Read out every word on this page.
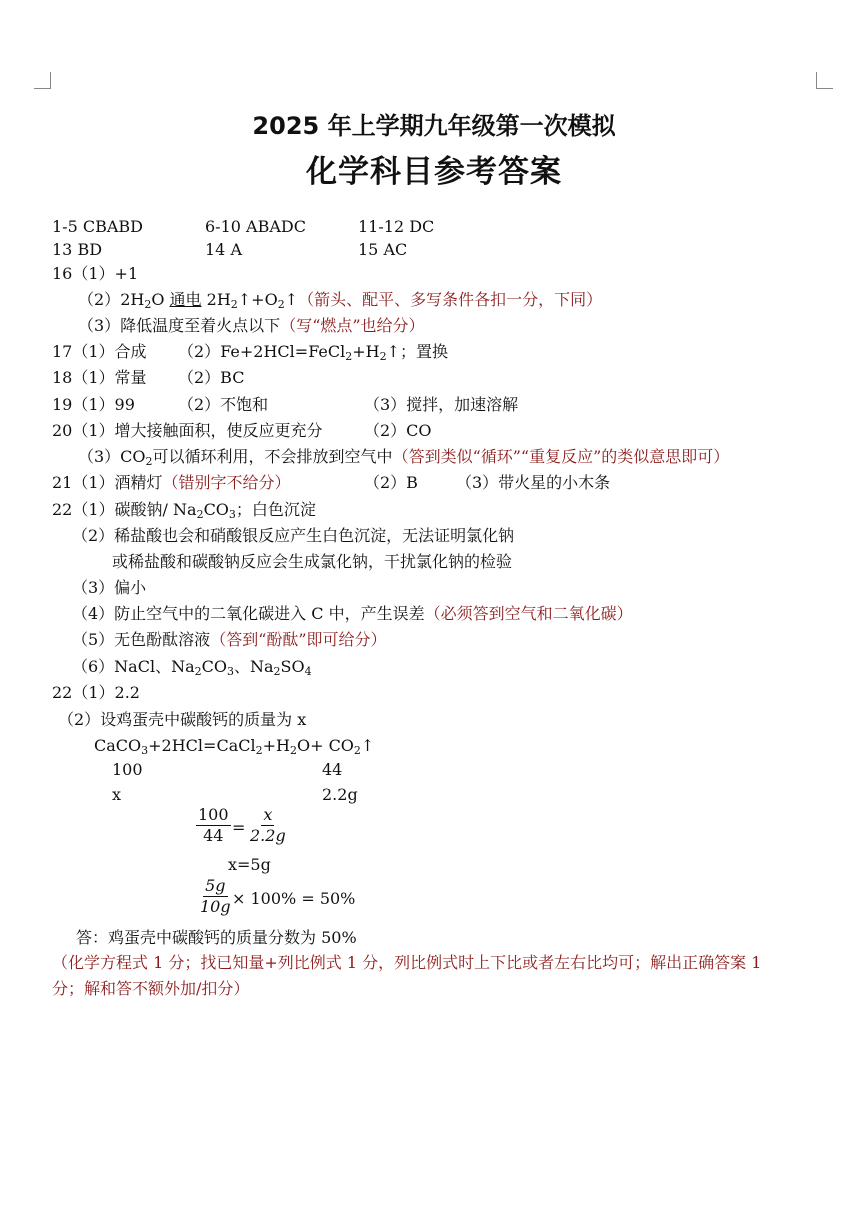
2025 年上学期九年级第一次模拟
化学科目参考答案
1-5 CBABD	6-10 ABADC	11-12 DC
13 BD	14 A	15 AC
16（1）+1
$(2)2H_2O$ 通电 $2H_2↑+O_2↑$（箭头、配平、多写条件各扣一分，下同）
（3）降低温度至着火点以下（写“燃点”也给分）
17（1）合成 $(2)Fe+2HCl=FeCl_2+H_2↑$；置换
18（1）常量 （2）BC
19（1）99	（2）不饱和	（3）搅拌，加速溶解
20（1）增大接触面积，使反应更充分	（2）CO
$(3)CO_2$可以循环利用，不会排放到空气中（答到类似“循环”“重复反应”的类似意思即可）
21（1）酒精灯（错别字不给分）	（2）B （3）带火星的小木条
22（1）碳酸钠/ $Na_2CO_3$；白色沉淀
（2）稀盐酸也会和硝酸银反应产生白色沉淀，无法证明氯化钠
或稀盐酸和碳酸钠反应会生成氯化钠，干扰氯化钠的检验
（3）偏小
（4）防止空气中的二氧化碳进入 C 中，产生误差（必须答到空气和二氧化碳）
（5）无色酚酞溶液（答到“酚酞”即可给分）
（6）NaCl、$Na_2CO_3$、$Na_2SO_4$
22（1）2.2
（2）设鸡蛋壳中碳酸钙的质量为 x
$CaCO_3+2HCl=CaCl_2+H_2O+$ $CO_2↑$
100	44
x	2.2g
$\frac{100}{44} = \frac{x}{2.2g}$
x=5g
$\frac{5g}{10g} \times 100\% = 50\%$
答：鸡蛋壳中碳酸钙的质量分数为 50%
（化学方程式 1 分；找已知量+列比例式 1 分，列比例式时上下比或者左右比均可；解出正确答案 1
分；解和答不额外加/扣分）
